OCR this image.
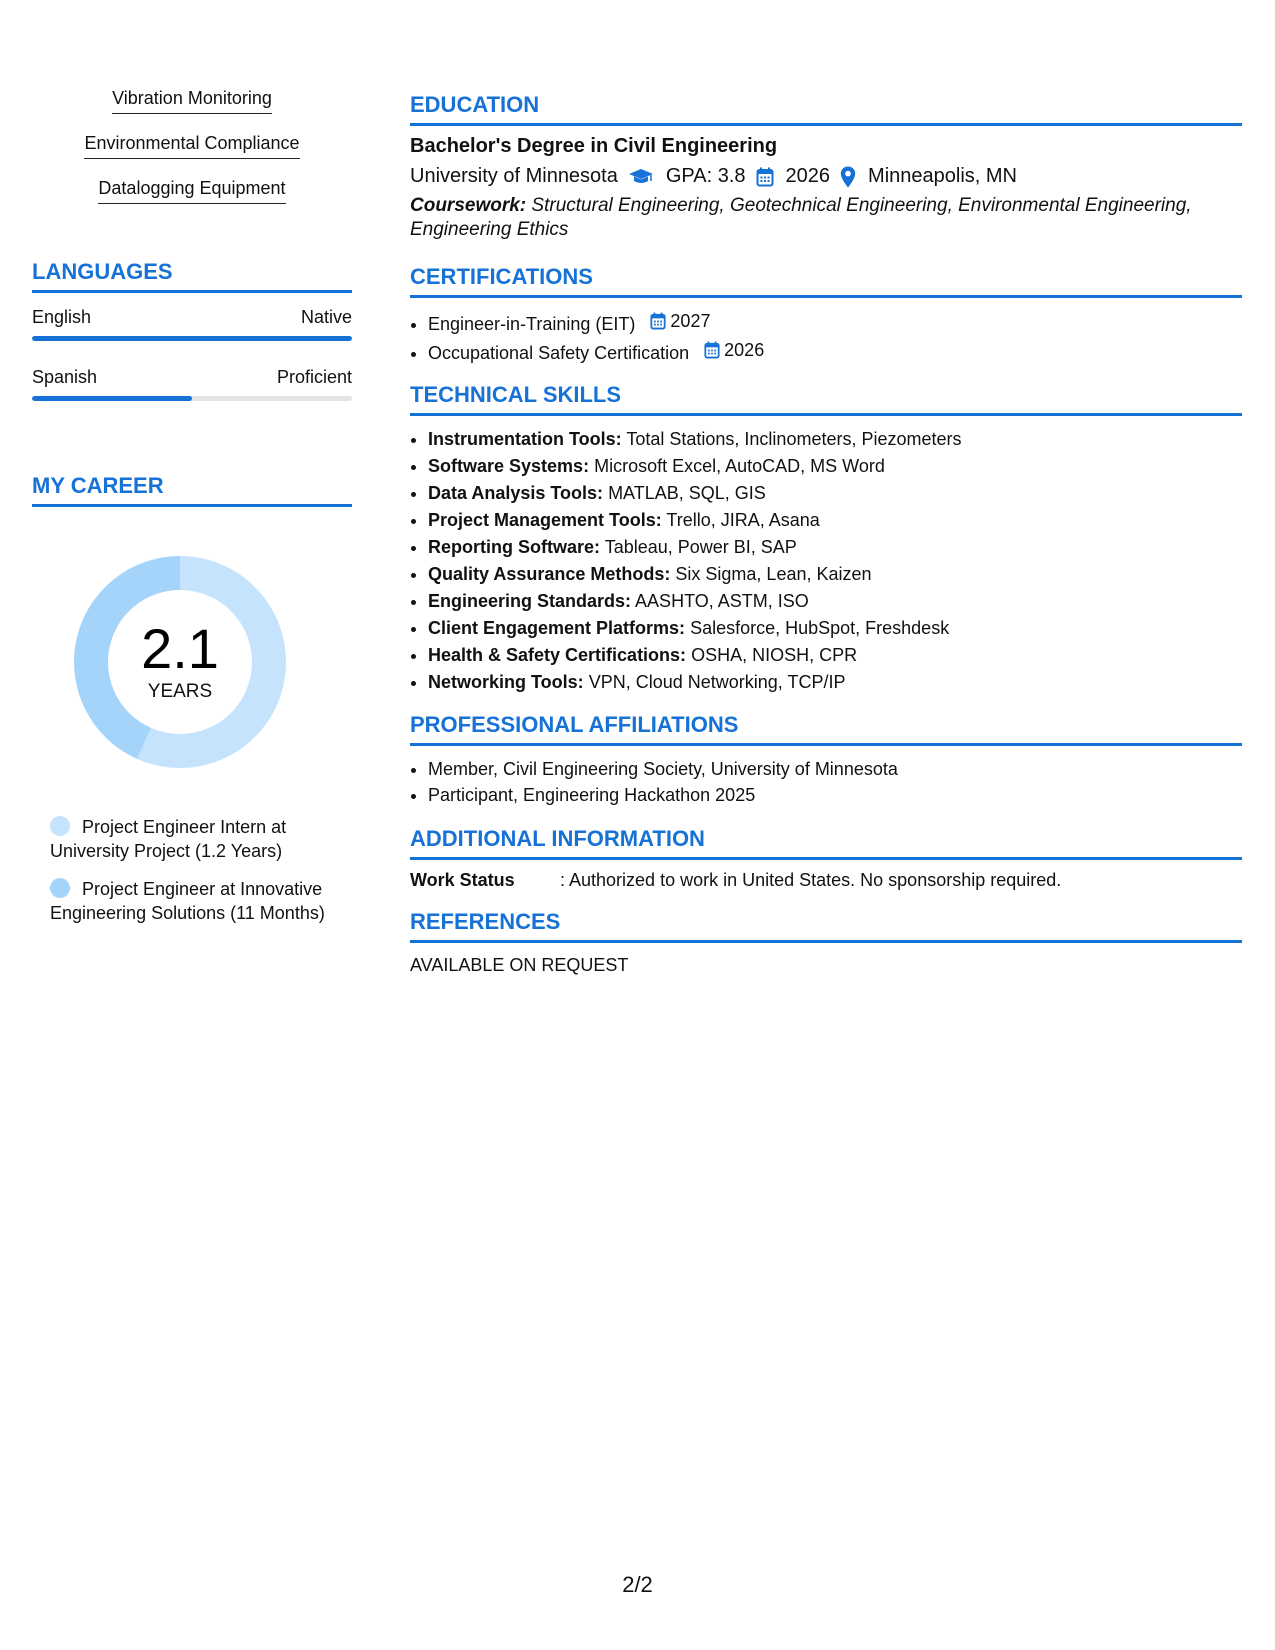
Vibration Monitoring
Environmental Compliance
Datalogging Equipment
LANGUAGES
English	Native
Spanish	Proficient
MY CAREER
2.1
YEARS
Project Engineer Intern at University Project (1.2 Years)
Project Engineer at Innovative Engineering Solutions (11 Months)
EDUCATION
Bachelor's Degree in Civil Engineering
University of Minnesota GPA: 3.8 2026 Minneapolis, MN
Coursework: Structural Engineering, Geotechnical Engineering, Environmental Engineering, Engineering Ethics
CERTIFICATIONS
• Engineer-in-Training (EIT) 2027
• Occupational Safety Certification 2026
TECHNICAL SKILLS
• Instrumentation Tools: Total Stations, Inclinometers, Piezometers
• Software Systems: Microsoft Excel, AutoCAD, MS Word
• Data Analysis Tools: MATLAB, SQL, GIS
• Project Management Tools: Trello, JIRA, Asana
• Reporting Software: Tableau, Power BI, SAP
• Quality Assurance Methods: Six Sigma, Lean, Kaizen
• Engineering Standards: AASHTO, ASTM, ISO
• Client Engagement Platforms: Salesforce, HubSpot, Freshdesk
• Health & Safety Certifications: OSHA, NIOSH, CPR
• Networking Tools: VPN, Cloud Networking, TCP/IP
PROFESSIONAL AFFILIATIONS
• Member, Civil Engineering Society, University of Minnesota
• Participant, Engineering Hackathon 2025
ADDITIONAL INFORMATION
Work Status	: Authorized to work in United States. No sponsorship required.
REFERENCES
AVAILABLE ON REQUEST
2/2
